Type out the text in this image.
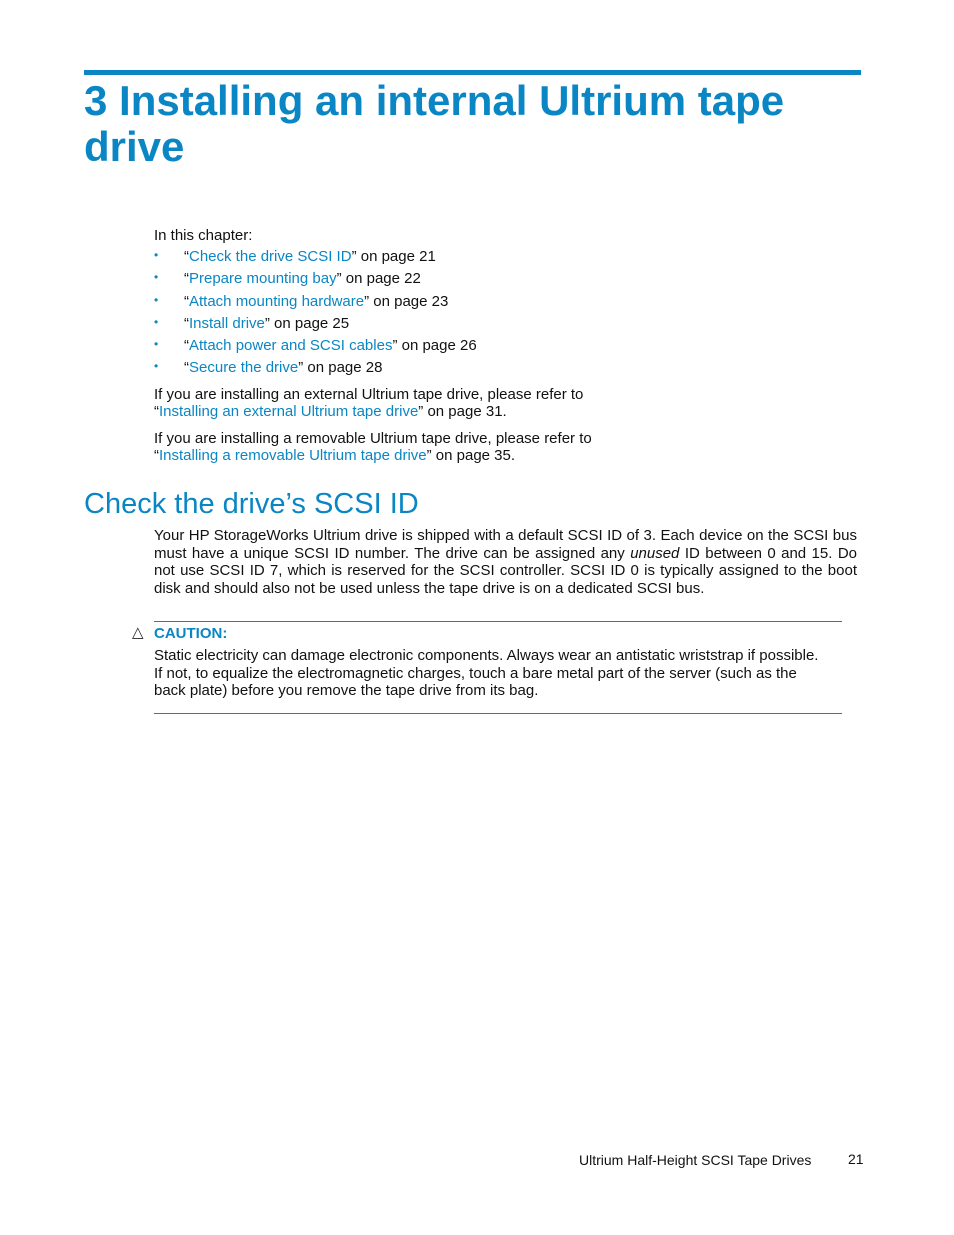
3 Installing an internal Ultrium tape drive
In this chapter:
• “Check the drive SCSI ID” on page 21
• “Prepare mounting bay” on page 22
• “Attach mounting hardware” on page 23
• “Install drive” on page 25
• “Attach power and SCSI cables” on page 26
• “Secure the drive” on page 28

If you are installing an external Ultrium tape drive, please refer to
“Installing an external Ultrium tape drive” on page 31.

If you are installing a removable Ultrium tape drive, please refer to
“Installing a removable Ultrium tape drive” on page 35.

Check the drive’s SCSI ID

Your HP StorageWorks Ultrium drive is shipped with a default SCSI ID of 3. Each device on the SCSI bus must have a unique SCSI ID number. The drive can be assigned any unused ID between 0 and 15. Do not use SCSI ID 7, which is reserved for the SCSI controller. SCSI ID 0 is typically assigned to the boot disk and should also not be used unless the tape drive is on a dedicated SCSI bus.

△ CAUTION:

Static electricity can damage electronic components. Always wear an antistatic wriststrap if possible. If not, to equalize the electromagnetic charges, touch a bare metal part of the server (such as the back plate) before you remove the tape drive from its bag.

Ultrium Half-Height SCSI Tape Drives	21
